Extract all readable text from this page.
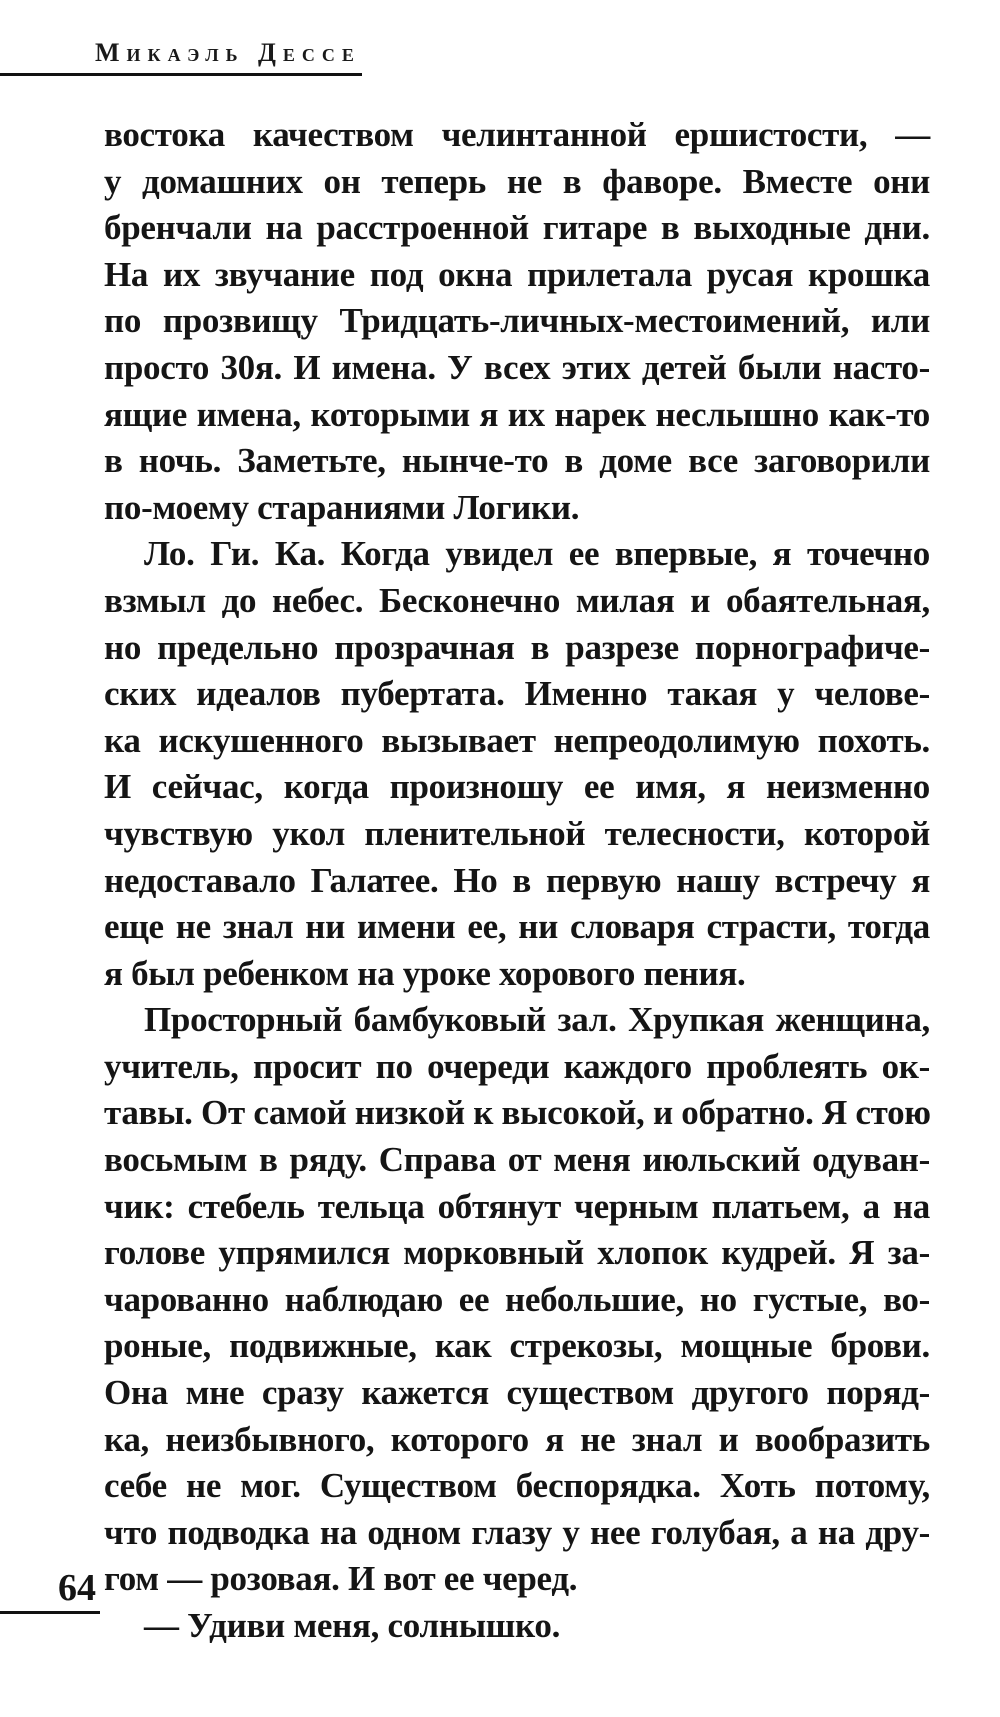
Микаэль Дессе
востока качеством челинтанной ершистости, —
у домашних он теперь не в фаворе. Вместе они
бренчали на расстроенной гитаре в выходные дни.
На их звучание под окна прилетала русая крошка
по прозвищу Тридцать-личных-местоимений, или
просто 30я. И имена. У всех этих детей были насто-
ящие имена, которыми я их нарек неслышно как-то
в ночь. Заметьте, нынче-то в доме все заговорили
по-моему стараниями Логики.
Ло. Ги. Ка. Когда увидел ее впервые, я точечно
взмыл до небес. Бесконечно милая и обаятельная,
но предельно прозрачная в разрезе порнографиче-
ских идеалов пубертата. Именно такая у челове-
ка искушенного вызывает непреодолимую похоть.
И сейчас, когда произношу ее имя, я неизменно
чувствую укол пленительной телесности, которой
недоставало Галатее. Но в первую нашу встречу я
еще не знал ни имени ее, ни словаря страсти, тогда
я был ребенком на уроке хорового пения.
Просторный бамбуковый зал. Хрупкая женщина,
учитель, просит по очереди каждого проблеять ок-
тавы. От самой низкой к высокой, и обратно. Я стою
восьмым в ряду. Справа от меня июльский одуван-
чик: стебель тельца обтянут черным платьем, а на
голове упрямился морковный хлопок кудрей. Я за-
чарованно наблюдаю ее небольшие, но густые, во-
роные, подвижные, как стрекозы, мощные брови.
Она мне сразу кажется существом другого поряд-
ка, неизбывного, которого я не знал и вообразить
себе не мог. Существом беспорядка. Хоть потому,
что подводка на одном глазу у нее голубая, а на дру-
гом — розовая. И вот ее черед.
— Удиви меня, солнышко.
64
